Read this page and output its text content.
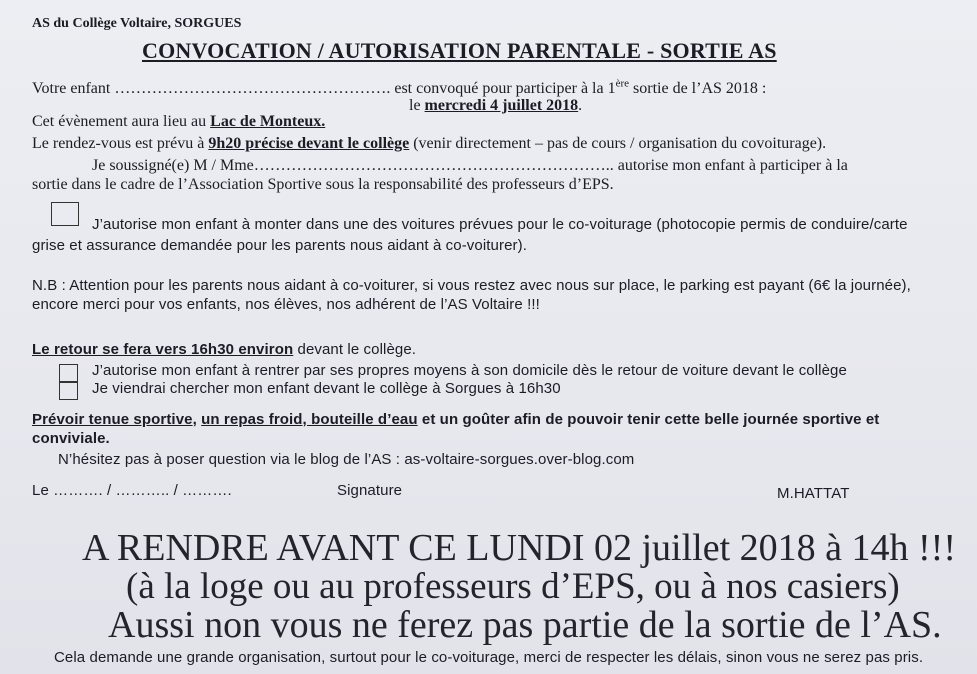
AS du Collège Voltaire, SORGUES
CONVOCATION / AUTORISATION PARENTALE - SORTIE AS
Votre enfant ……………………………………………. est convoqué pour participer à la 1ère sortie de l’AS 2018 :
le mercredi 4 juillet 2018.
Cet évènement aura lieu au Lac de Monteux.
Le rendez-vous est prévu à 9h20 précise devant le collège (venir directement – pas de cours / organisation du covoiturage).
Je soussigné(e) M / Mme………………………………………………………….. autorise mon enfant à participer à la
sortie dans le cadre de l’Association Sportive sous la responsabilité des professeurs d’EPS.
J’autorise mon enfant à monter dans une des voitures prévues pour le co-voiturage (photocopie permis de conduire/carte
grise et assurance demandée pour les parents nous aidant à co-voiturer).
N.B : Attention pour les parents nous aidant à co-voiturer, si vous restez avec nous sur place, le parking est payant (6€ la journée),
encore merci pour vos enfants, nos élèves, nos adhérent de l’AS Voltaire !!!
Le retour se fera vers 16h30 environ devant le collège.
J’autorise mon enfant à rentrer par ses propres moyens à son domicile dès le retour de voiture devant le collège
Je viendrai chercher mon enfant devant le collège à Sorgues à 16h30
Prévoir tenue sportive, un repas froid, bouteille d’eau et un goûter afin de pouvoir tenir cette belle journée sportive et
conviviale.
N’hésitez pas à poser question via le blog de l’AS : as-voltaire-sorgues.over-blog.com
Le ………. / ……….. / ……….	Signature	M.HATTAT
A RENDRE AVANT CE LUNDI 02 juillet 2018 à 14h !!!
(à la loge ou au professeurs d’EPS, ou à nos casiers)
Aussi non vous ne ferez pas partie de la sortie de l’AS.
Cela demande une grande organisation, surtout pour le co-voiturage, merci de respecter les délais, sinon vous ne serez pas pris.
